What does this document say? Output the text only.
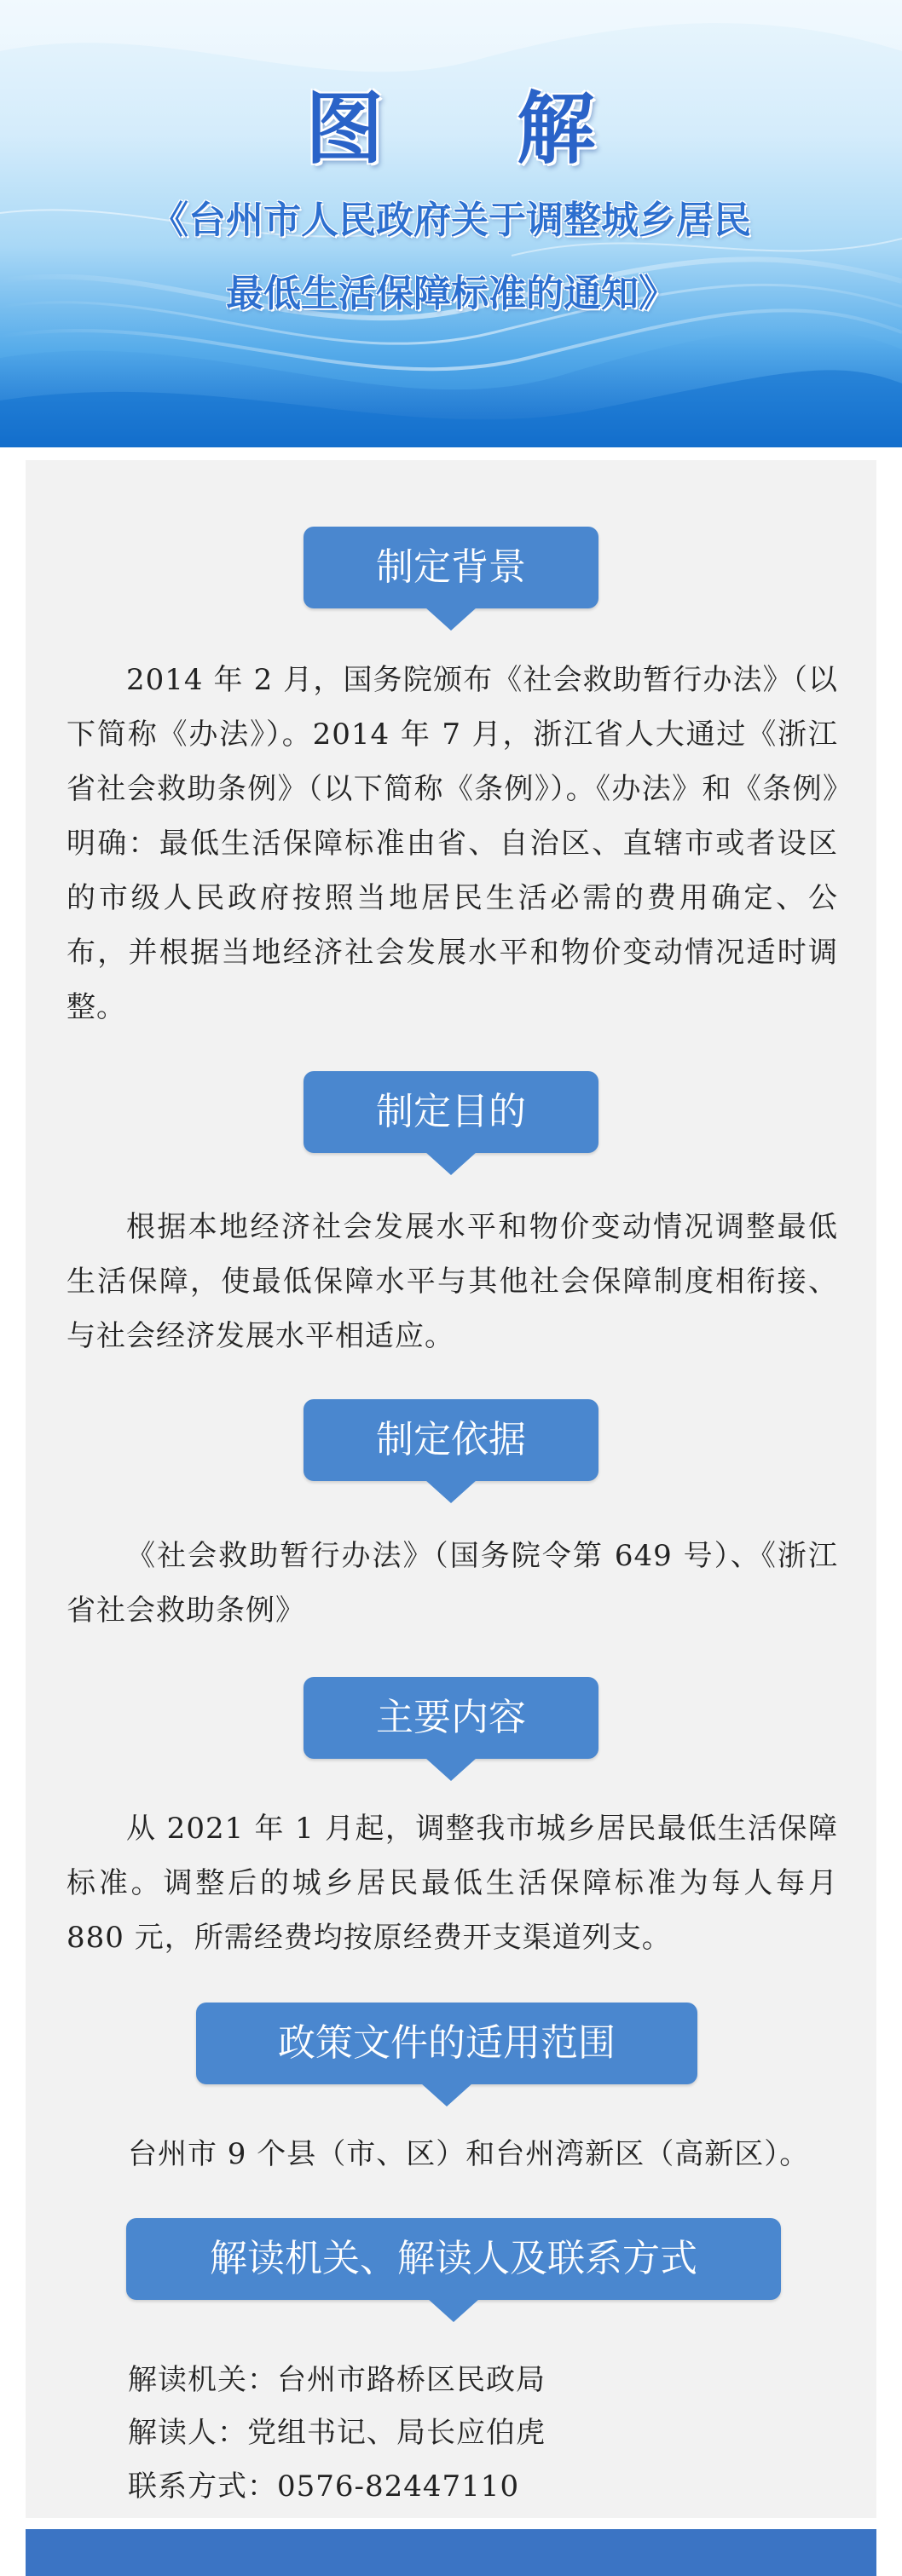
图 解
《台州市人民政府关于调整城乡居民
最低生活保障标准的通知》
制定背景
2014 年 2 月，国务院颁布《社会救助暂行办法》（以下简称《办法》）。2014 年 7 月，浙江省人大通过《浙江省社会救助条例》（以下简称《条例》）。《办法》和《条例》明确：最低生活保障标准由省、自治区、直辖市或者设区的市级人民政府按照当地居民生活必需的费用确定、公布，并根据当地经济社会发展水平和物价变动情况适时调整。
制定目的
根据本地经济社会发展水平和物价变动情况调整最低生活保障，使最低保障水平与其他社会保障制度相衔接、与社会经济发展水平相适应。
制定依据
《社会救助暂行办法》（国务院令第 649 号）、《浙江省社会救助条例》
主要内容
从 2021 年 1 月起，调整我市城乡居民最低生活保障标准。调整后的城乡居民最低生活保障标准为每人每月 880 元，所需经费均按原经费开支渠道列支。
政策文件的适用范围
台州市 9 个县（市、区）和台州湾新区（高新区）。
解读机关、解读人及联系方式
解读机关：台州市路桥区民政局
解读人：党组书记、局长应伯虎
联系方式：0576-82447110
